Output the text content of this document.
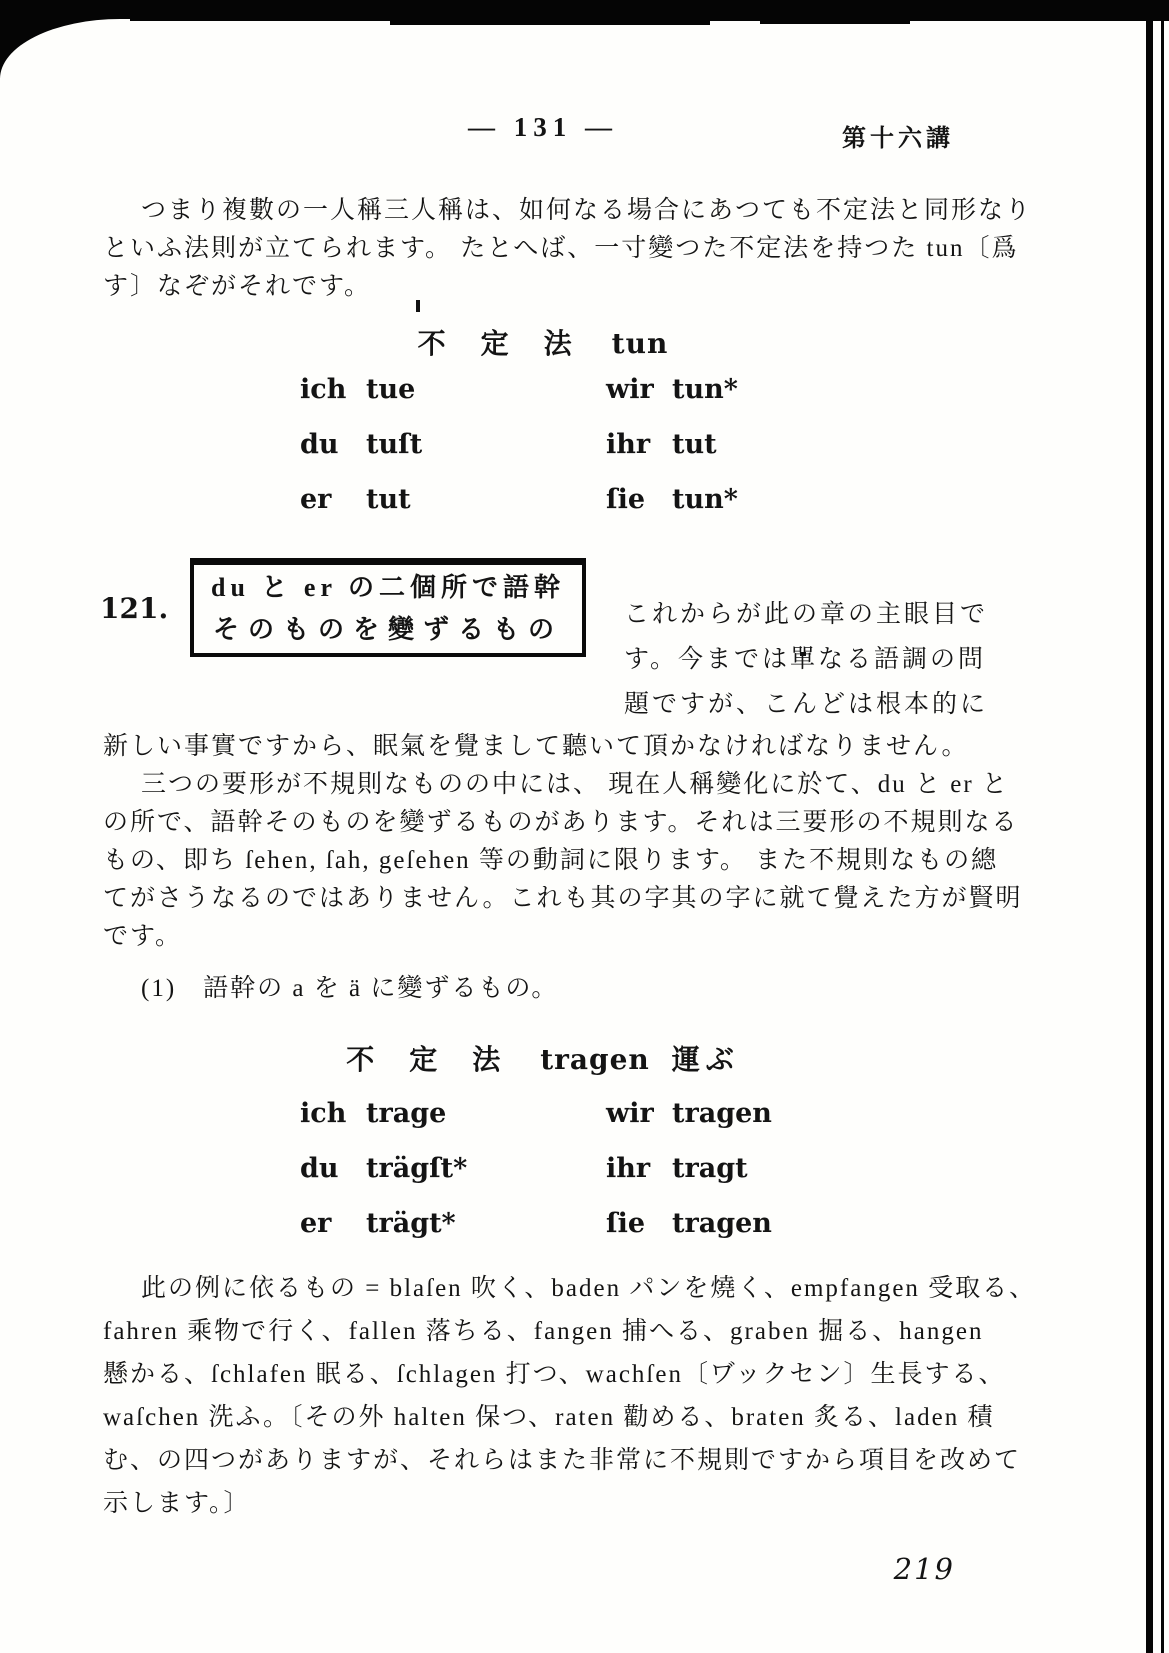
— 131 —	第十六講
つまり複數の一人稱三人稱は、如何なる場合にあつても不定法と同形なり
といふ法則が立てられます。 たとへば、一寸變つた不定法を持つた tun〔爲
す〕なぞがそれです。
不 定 法 tun
ich tue	wir tun*
du	tuſt	ihr tut
er	tut	ſie tun*
121.
du と er の二個所で語幹
そのものを變ずるもの
これからが此の章の主眼目で
す。今までは單なる語調の問
題ですが、こんどは根本的に
新しい事實ですから、眠氣を覺まして聽いて頂かなければなりません。
三つの要形が不規則なものの中には、 現在人稱變化に於て、du と er と
の所で、語幹そのものを變ずるものがあります。それは三要形の不規則なる
もの、即ち ſehen, ſah, geſehen 等の動詞に限ります。 また不規則なもの總
てがさうなるのではありません。これも其の字其の字に就て覺えた方が賢明
です。
(1)　語幹の a を ä に變ずるもの。
不 定 法 tragen 運ぶ
ich trage	wir tragen
du	trägſt*	ihr tragt
er	trägt*	ſie tragen
此の例に依るもの = blaſen 吹く、baden パンを燒く、empfangen 受取る、
fahren 乘物で行く、fallen 落ちる、fangen 捕へる、graben 掘る、hangen
懸かる、ſchlafen 眠る、ſchlagen 打つ、wachſen〔ヷックセン〕生長する、
waſchen 洗ふ。〔その外 halten 保つ、raten 勸める、braten 炙る、laden 積
む、の四つがありますが、それらはまた非常に不規則ですから項目を改めて
示します。〕
219
